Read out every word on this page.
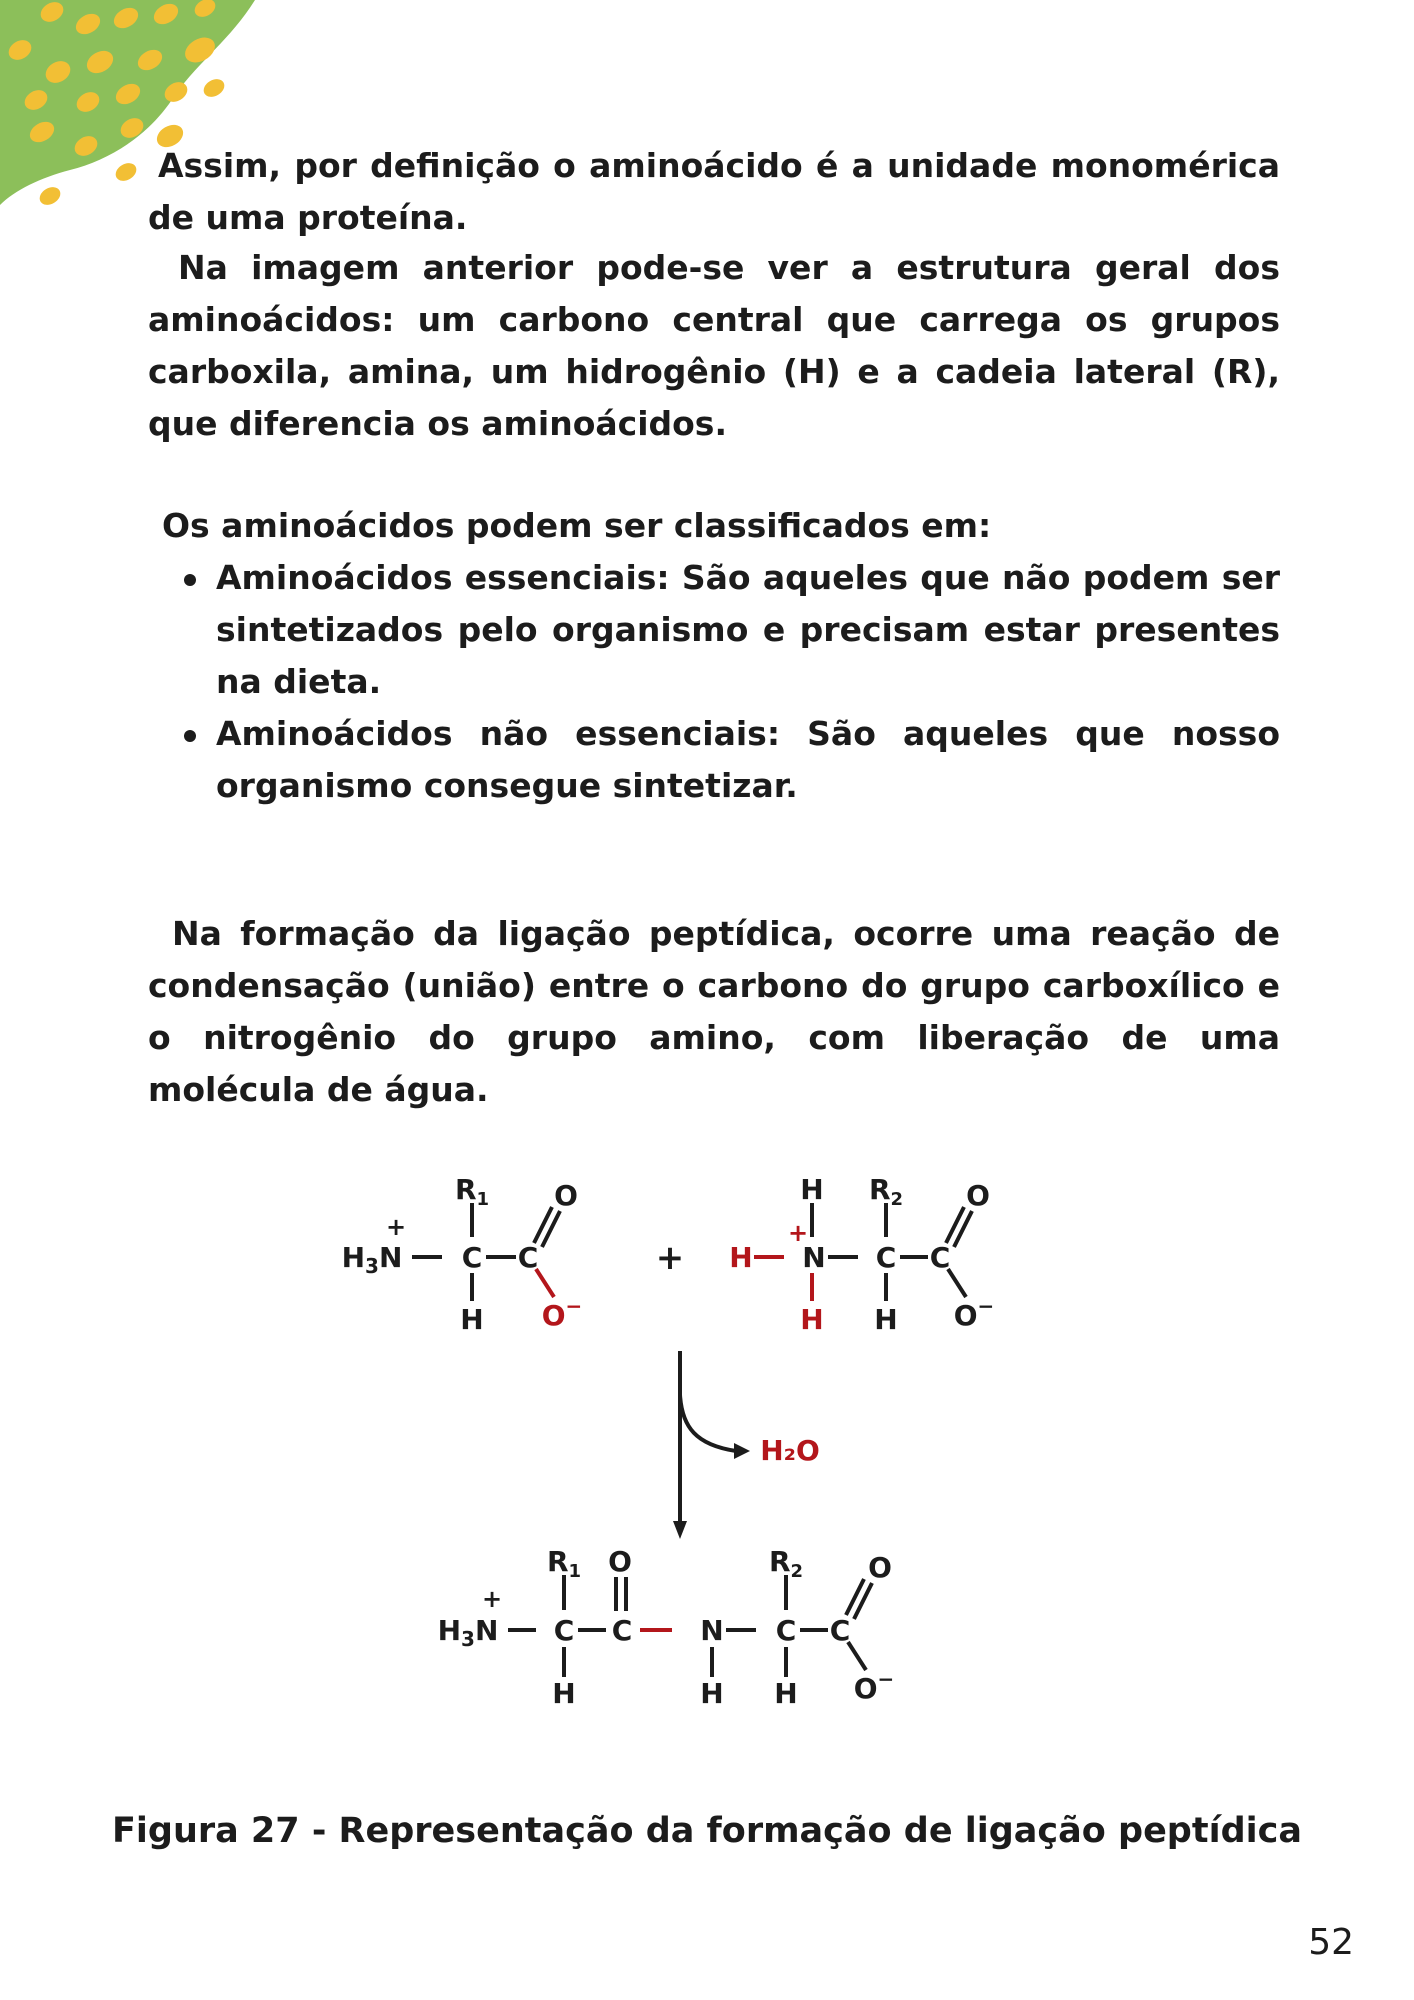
Assim, por definição o aminoácido é a unidade monomérica de uma proteína.
Na imagem anterior pode-se ver a estrutura geral dos aminoácidos: um carbono central que carrega os grupos carboxila, amina, um hidrogênio (H) e a cadeia lateral (R), que diferencia os aminoácidos.
Os aminoácidos podem ser classificados em:
Aminoácidos essenciais: São aqueles que não podem ser sintetizados pelo organismo e precisam estar presentes na dieta.
Aminoácidos não essenciais: São aqueles que nosso organismo consegue sintetizar.
Na formação da ligação peptídica, ocorre uma reação de condensação (união) entre o carbono do grupo carboxílico e o nitrogênio do grupo amino, com liberação de uma molécula de água.
$H_3N$
+
$R_1$
C
H
C
O
O−
+ H
H
+
N
H
$R_2$
C
H
C
O
O−
H₂O
$H_3N$
+
$R_1$
C
H
O
C N
H
$R_2$
C
H
C
O
O−
Figura 27 - Representação da formação de ligação peptídica
52
